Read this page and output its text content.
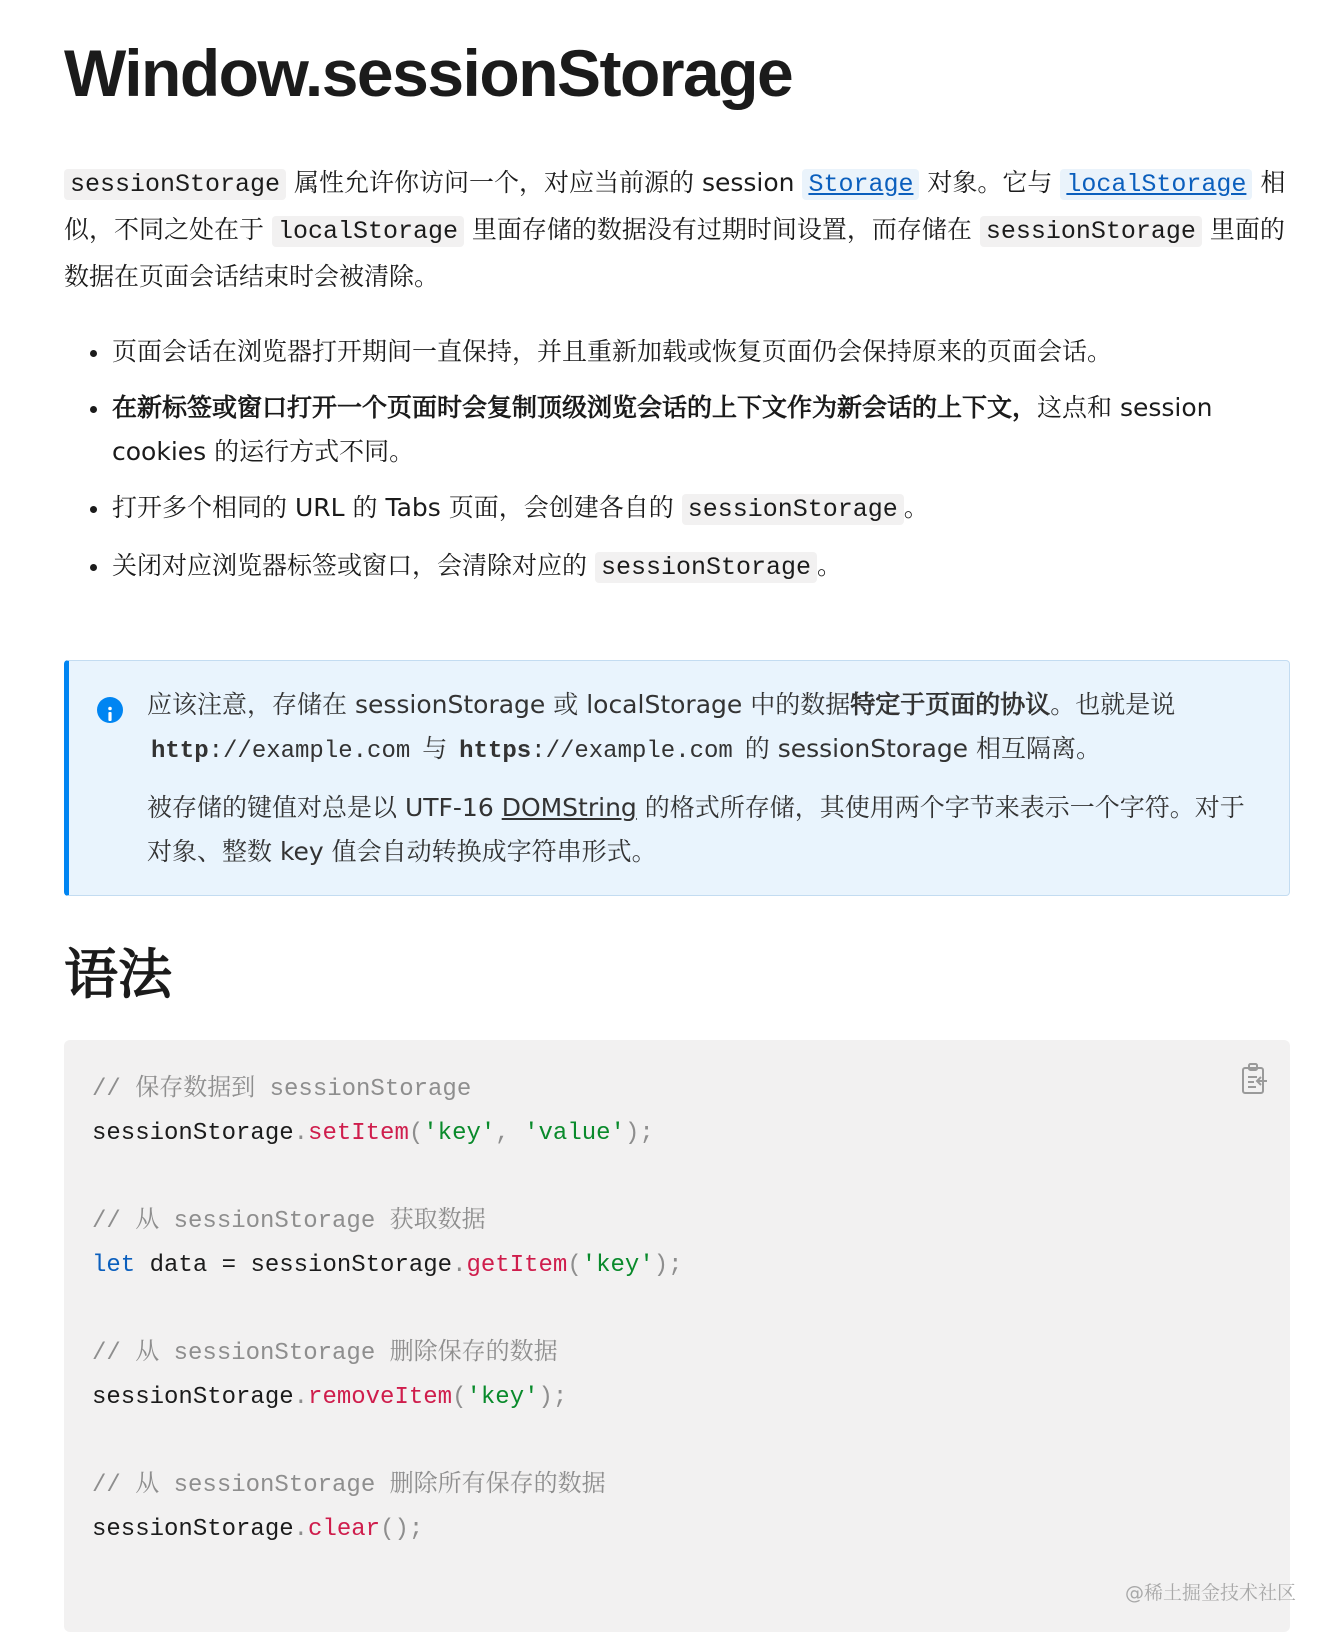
Window.sessionStorage

sessionStorage 属性允许你访问一个，对应当前源的 session Storage 对象。它与 localStorage 相似，不同之处在于 localStorage 里面存储的数据没有过期时间设置，而存储在 sessionStorage 里面的数据在页面会话结束时会被清除。

页面会话在浏览器打开期间一直保持，并且重新加载或恢复页面仍会保持原来的页面会话。
在新标签或窗口打开一个页面时会复制顶级浏览会话的上下文作为新会话的上下文，这点和 session cookies 的运行方式不同。
打开多个相同的 URL 的 Tabs 页面，会创建各自的 sessionStorage 。
关闭对应浏览器标签或窗口，会清除对应的 sessionStorage 。

应该注意，存储在 sessionStorage 或 localStorage 中的数据特定于页面的协议。也就是说 http://example.com 与 https://example.com 的 sessionStorage 相互隔离。

被存储的键值对总是以 UTF-16 DOMString 的格式所存储，其使用两个字节来表示一个字符。对于对象、整数 key 值会自动转换成字符串形式。

语法
// 保存数据到 sessionStorage
sessionStorage.setItem('key', 'value');

// 从 sessionStorage 获取数据
let data = sessionStorage.getItem('key');

// 从 sessionStorage 删除保存的数据
sessionStorage.removeItem('key');

// 从 sessionStorage 删除所有保存的数据
sessionStorage.clear();
@稀土掘金技术社区
